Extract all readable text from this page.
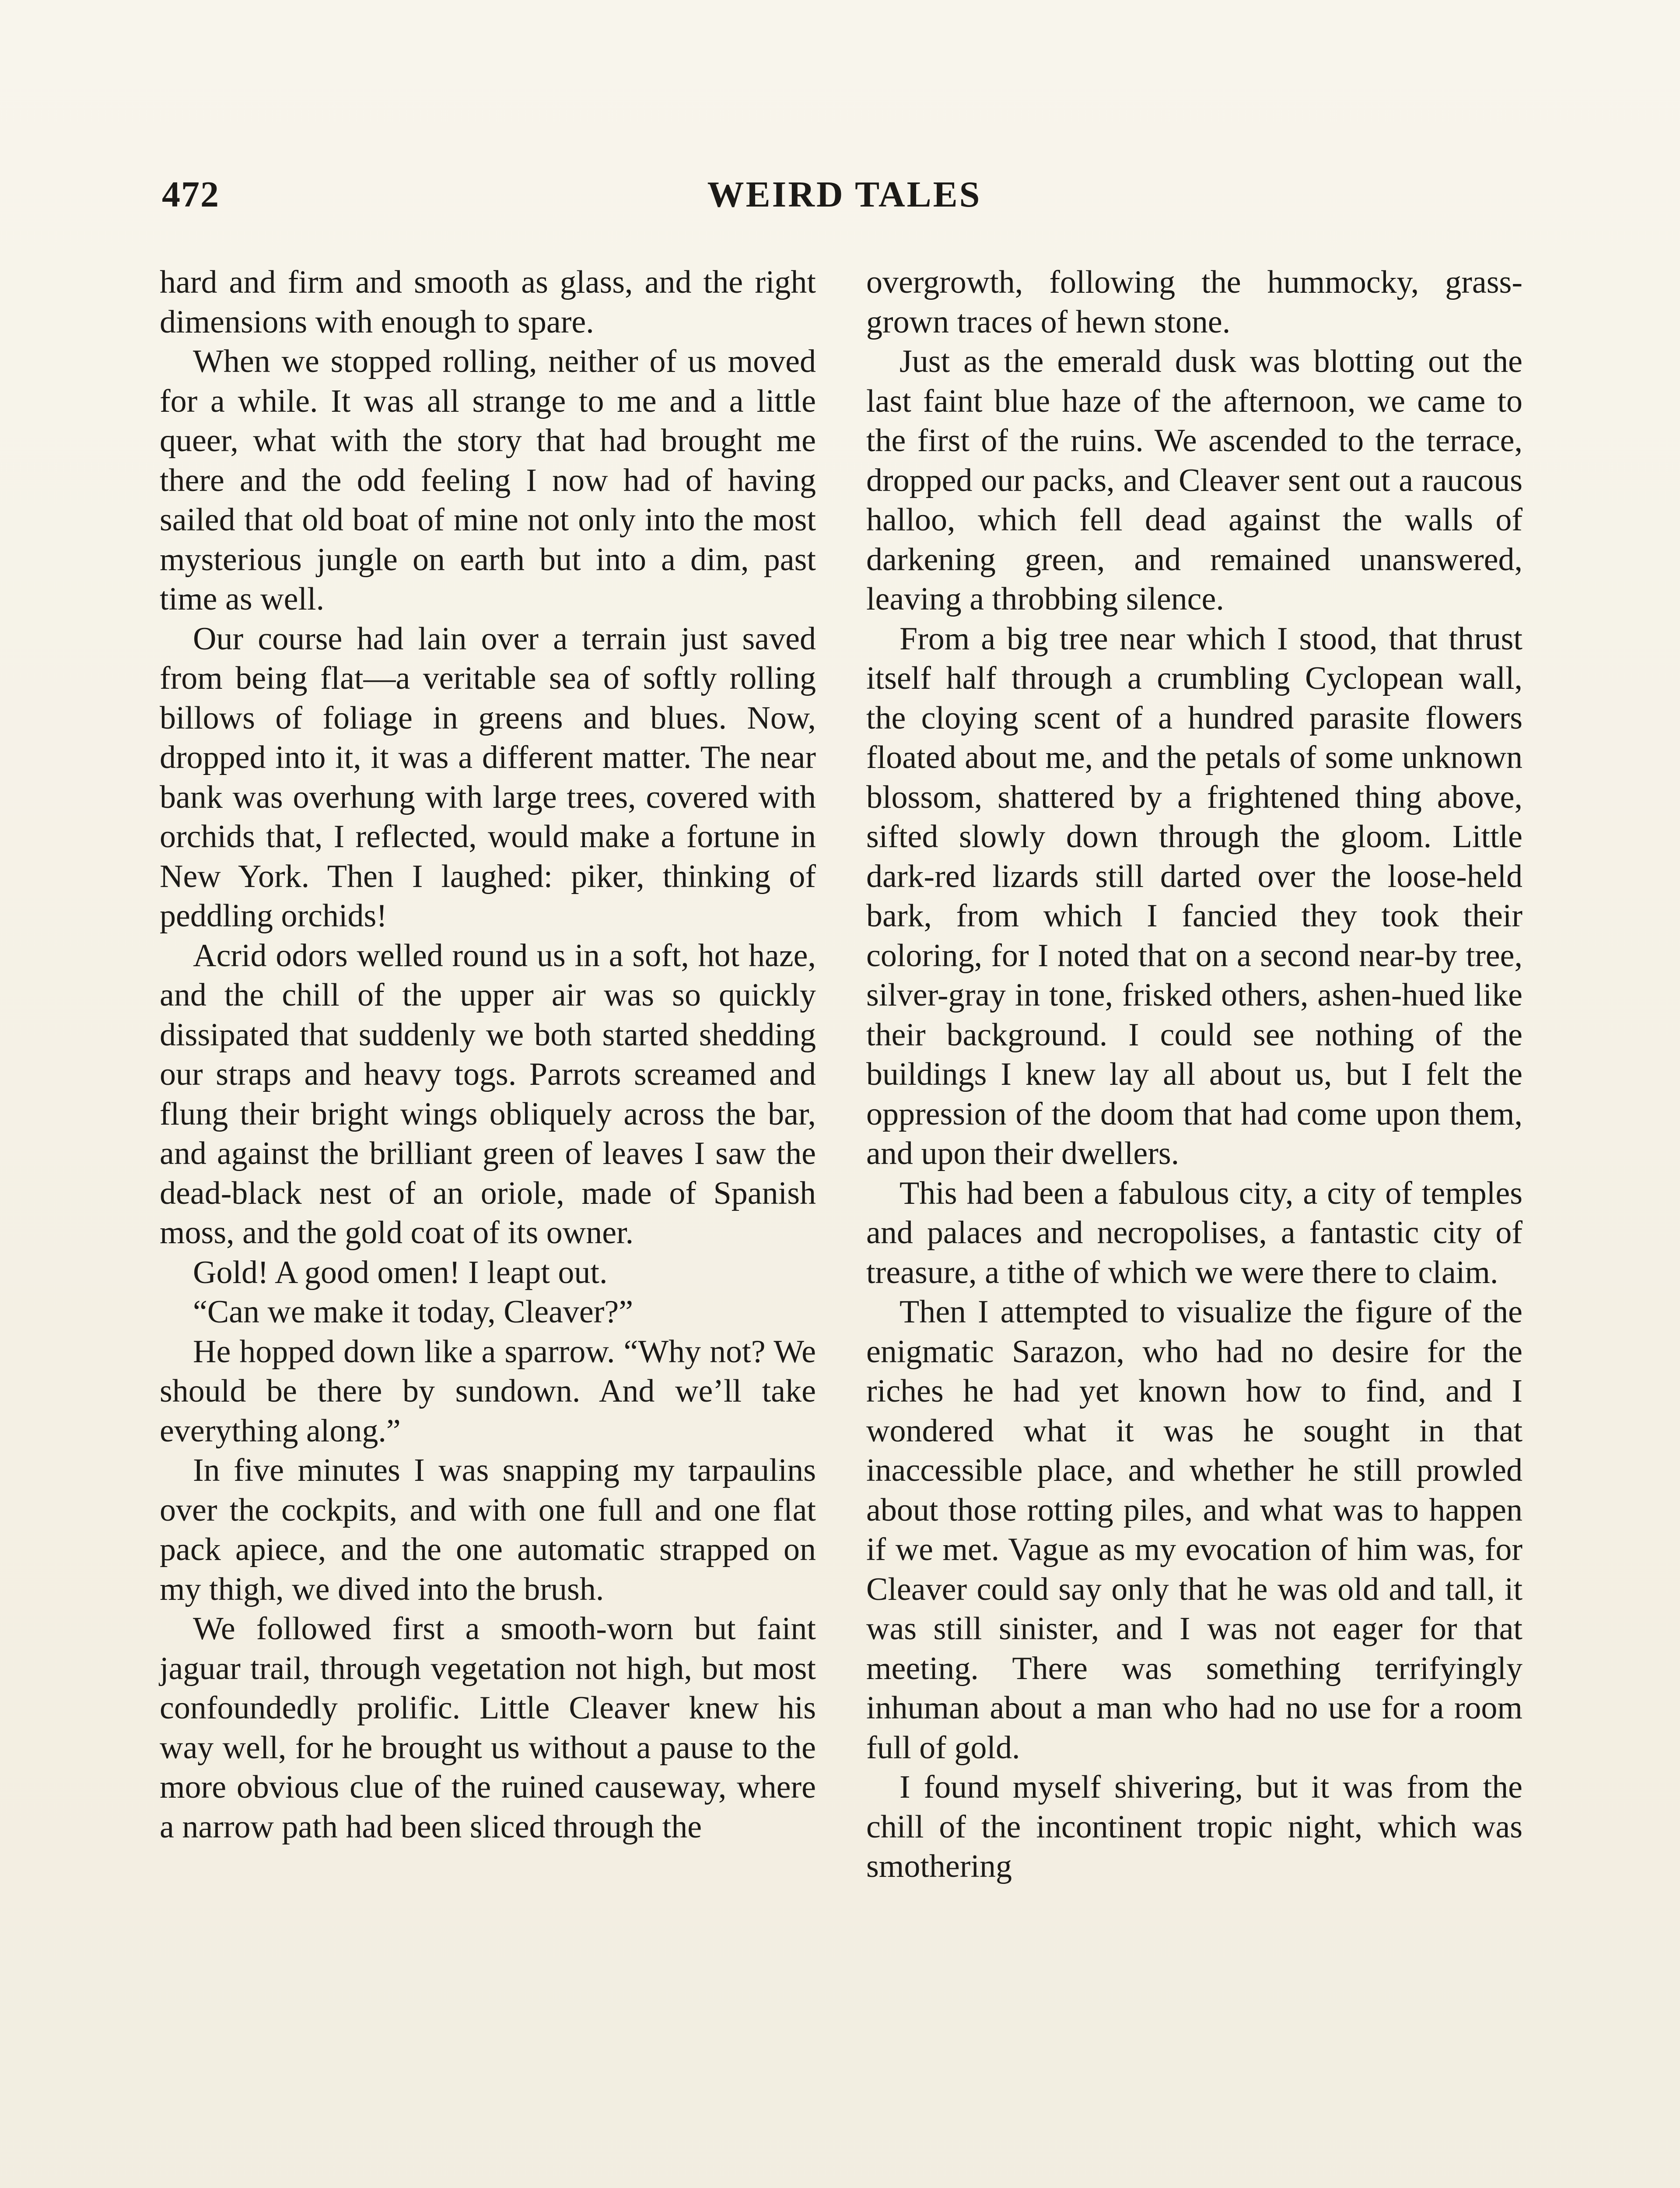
472	WEIRD TALES

hard and firm and smooth as glass, and the right dimensions with enough to spare.

When we stopped rolling, neither of us moved for a while. It was all strange to me and a little queer, what with the story that had brought me there and the odd feeling I now had of having sailed that old boat of mine not only into the most mysterious jungle on earth but into a dim, past time as well.

Our course had lain over a terrain just saved from being flat—a veritable sea of softly rolling billows of foliage in greens and blues. Now, dropped into it, it was a different matter. The near bank was overhung with large trees, covered with orchids that, I reflected, would make a fortune in New York. Then I laughed: piker, thinking of peddling orchids!

Acrid odors welled round us in a soft, hot haze, and the chill of the upper air was so quickly dissipated that suddenly we both started shedding our straps and heavy togs. Parrots screamed and flung their bright wings obliquely across the bar, and against the brilliant green of leaves I saw the dead-black nest of an oriole, made of Spanish moss, and the gold coat of its owner.

Gold! A good omen! I leapt out.

“Can we make it today, Cleaver?”

He hopped down like a sparrow. “Why not? We should be there by sundown. And we’ll take everything along.”

In five minutes I was snapping my tarpaulins over the cockpits, and with one full and one flat pack apiece, and the one automatic strapped on my thigh, we dived into the brush.

We followed first a smooth-worn but faint jaguar trail, through vegetation not high, but most confoundedly prolific. Little Cleaver knew his way well, for he brought us without a pause to the more obvious clue of the ruined causeway, where a narrow path had been sliced through the

overgrowth, following the hummocky, grass-grown traces of hewn stone.

Just as the emerald dusk was blotting out the last faint blue haze of the afternoon, we came to the first of the ruins. We ascended to the terrace, dropped our packs, and Cleaver sent out a raucous halloo, which fell dead against the walls of darkening green, and remained unanswered, leaving a throbbing silence.

From a big tree near which I stood, that thrust itself half through a crumbling Cyclopean wall, the cloying scent of a hundred parasite flowers floated about me, and the petals of some unknown blossom, shattered by a frightened thing above, sifted slowly down through the gloom. Little dark-red lizards still darted over the loose-held bark, from which I fancied they took their coloring, for I noted that on a second near-by tree, silver-gray in tone, frisked others, ashen-hued like their background. I could see nothing of the buildings I knew lay all about us, but I felt the oppression of the doom that had come upon them, and upon their dwellers.

This had been a fabulous city, a city of temples and palaces and necropolises, a fantastic city of treasure, a tithe of which we were there to claim.

Then I attempted to visualize the figure of the enigmatic Sarazon, who had no desire for the riches he had yet known how to find, and I wondered what it was he sought in that inaccessible place, and whether he still prowled about those rotting piles, and what was to happen if we met. Vague as my evocation of him was, for Cleaver could say only that he was old and tall, it was still sinister, and I was not eager for that meeting. There was something terrifyingly inhuman about a man who had no use for a room full of gold.

I found myself shivering, but it was from the chill of the incontinent tropic night, which was smothering
